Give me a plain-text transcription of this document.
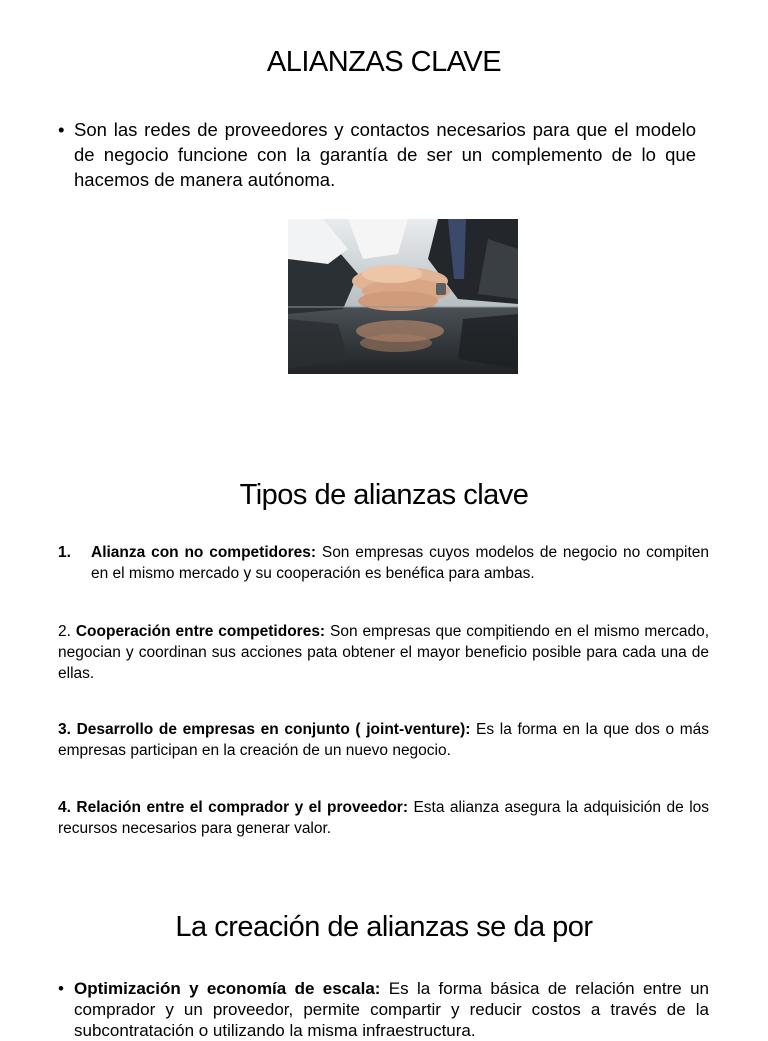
ALIANZAS CLAVE
• Son las redes de proveedores y contactos necesarios para que el modelo de negocio funcione con la garantía de ser un complemento de lo que hacemos de manera autónoma.
Tipos de alianzas clave
1.	Alianza con no competidores: Son empresas cuyos modelos de negocio no compiten en el mismo mercado y su cooperación es benéfica para ambas.
2. Cooperación entre competidores: Son empresas que compitiendo en el mismo mercado, negocian y coordinan sus acciones pata obtener el mayor beneficio posible para cada una de ellas.
3. Desarrollo de empresas en conjunto ( joint-venture): Es la forma en la que dos o más empresas participan en la creación de un nuevo negocio.
4. Relación entre el comprador y el proveedor: Esta alianza asegura la adquisición de los recursos necesarios para generar valor.
La creación de alianzas se da por
• Optimización y economía de escala: Es la forma básica de relación entre un comprador y un proveedor, permite compartir y reducir costos a través de la subcontratación o utilizando la misma infraestructura.
